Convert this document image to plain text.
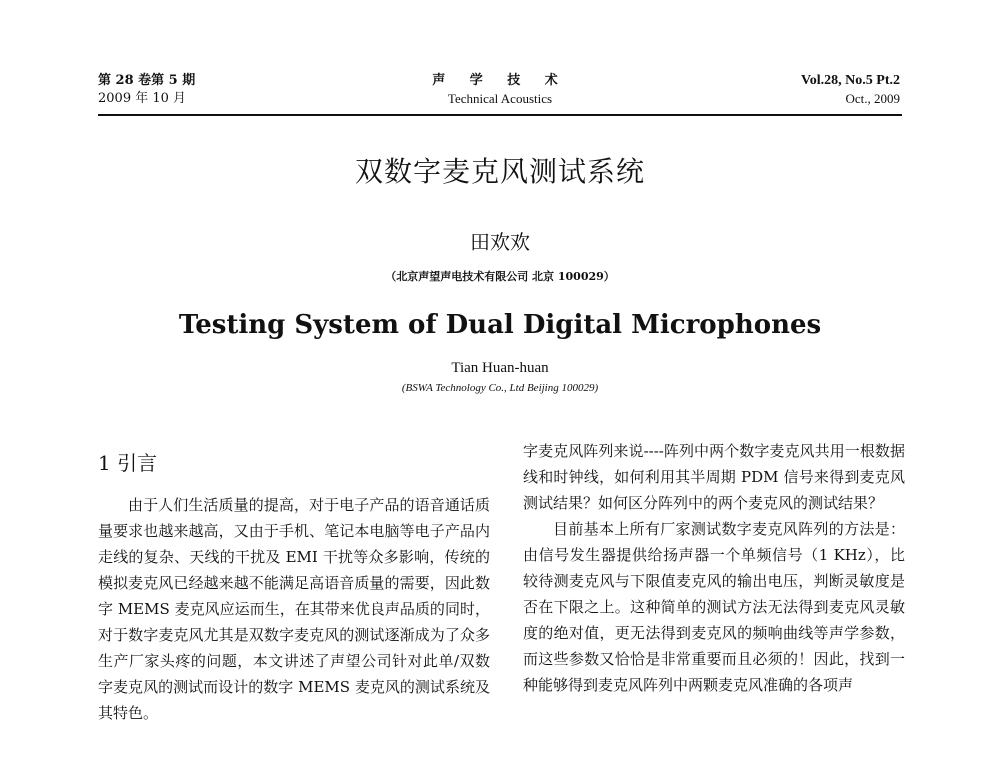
第 28 卷第 5 期
2009 年 10 月
声 学 技 术
Technical Acoustics
Vol.28, No.5 Pt.2
Oct., 2009
双数字麦克风测试系统
田欢欢
（北京声望声电技术有限公司 北京 100029）
Testing System of Dual Digital Microphones
Tian Huan-huan
(BSWA Technology Co., Ltd Beijing 100029)
1 引言

由于人们生活质量的提高，对于电子产品的语音通话质量要求也越来越高，又由于手机、笔记本电脑等电子产品内走线的复杂、天线的干扰及 EMI 干扰等众多影响，传统的模拟麦克风已经越来越不能满足高语音质量的需要，因此数字 MEMS 麦克风应运而生，在其带来优良声品质的同时，对于数字麦克风尤其是双数字麦克风的测试逐渐成为了众多生产厂家头疼的问题，本文讲述了声望公司针对此单/双数字麦克风的测试而设计的数字 MEMS 麦克风的测试系统及其特色。

字麦克风阵列来说----阵列中两个数字麦克风共用一根数据线和时钟线，如何利用其半周期 PDM 信号来得到麦克风测试结果？如何区分阵列中的两个麦克风的测试结果？

目前基本上所有厂家测试数字麦克风阵列的方法是：由信号发生器提供给扬声器一个单频信号（1 KHz），比较待测麦克风与下限值麦克风的输出电压，判断灵敏度是否在下限之上。这种简单的测试方法无法得到麦克风灵敏度的绝对值，更无法得到麦克风的频响曲线等声学参数，而这些参数又恰恰是非常重要而且必须的！因此，找到一种能够得到麦克风阵列中两颗麦克风准确的各项声
